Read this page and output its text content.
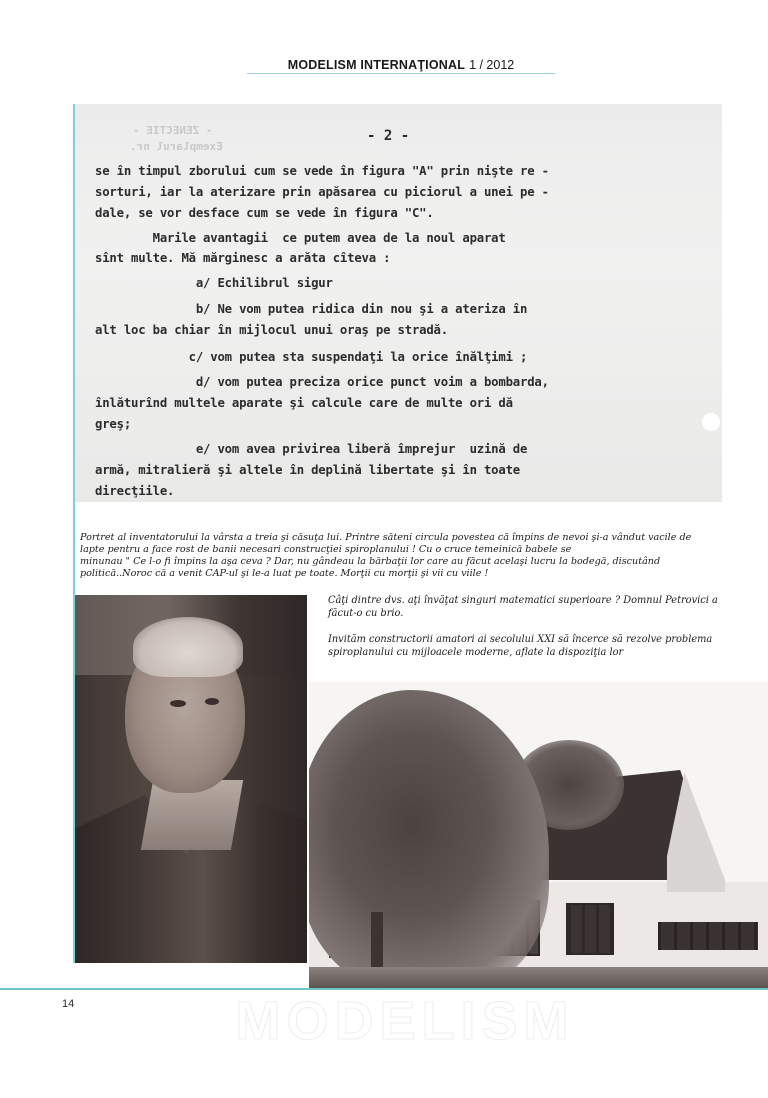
MODELISM INTERNAŢIONAL 1 / 2012
- ZENECTIE -
Exemplarul nr.
- 2 -
se în timpul zborului cum se vede în figura "A" prin nişte re -
sorturi, iar la aterizare prin apăsarea cu piciorul a unei pe -
dale, se vor desface cum se vede în figura "C".
Marile avantagii  ce putem avea de la noul aparat
sînt multe. Mă mărginesc a arăta cîteva :
a/ Echilibrul sigur
b/ Ne vom putea ridica din nou şi a ateriza în
alt loc ba chiar în mijlocul unui oraş pe stradă.
c/ vom putea sta suspendaţi la orice înălţimi ;
d/ vom putea preciza orice punct voim a bombarda,
înlăturînd multele aparate şi calcule care de multe ori dă
greş;
e/ vom avea privirea liberă împrejur  uzină de
armă, mitralieră şi altele în deplină libertate şi în toate
direcţiile.
Portret al inventatorului la vârsta a treia şi căsuţa lui. Printre săteni circula povestea că împins de nevoi şi-a vândut vacile de
lapte pentru a face rost de banii necesari construcţiei spiroplanului ! Cu o cruce temeinică babele se
minunau " Ce l-o fi împins la aşa ceva ? Dar, nu gândeau la bărbaţii lor care au făcut acelaşi lucru la bodegă, discutând
politică..Noroc că a venit CAP-ul şi le-a luat pe toate. Morţii cu morţii şi vii cu viile !

Câţi dintre dvs. aţi învăţat singuri matematici superioare ? Domnul Petrovici a făcut-o cu brio.

Invităm constructorii amatori ai secolului XXI să încerce să rezolve problema spiroplanului cu mijloacele moderne, aflate la dispoziţia lor

MODELISM
14
